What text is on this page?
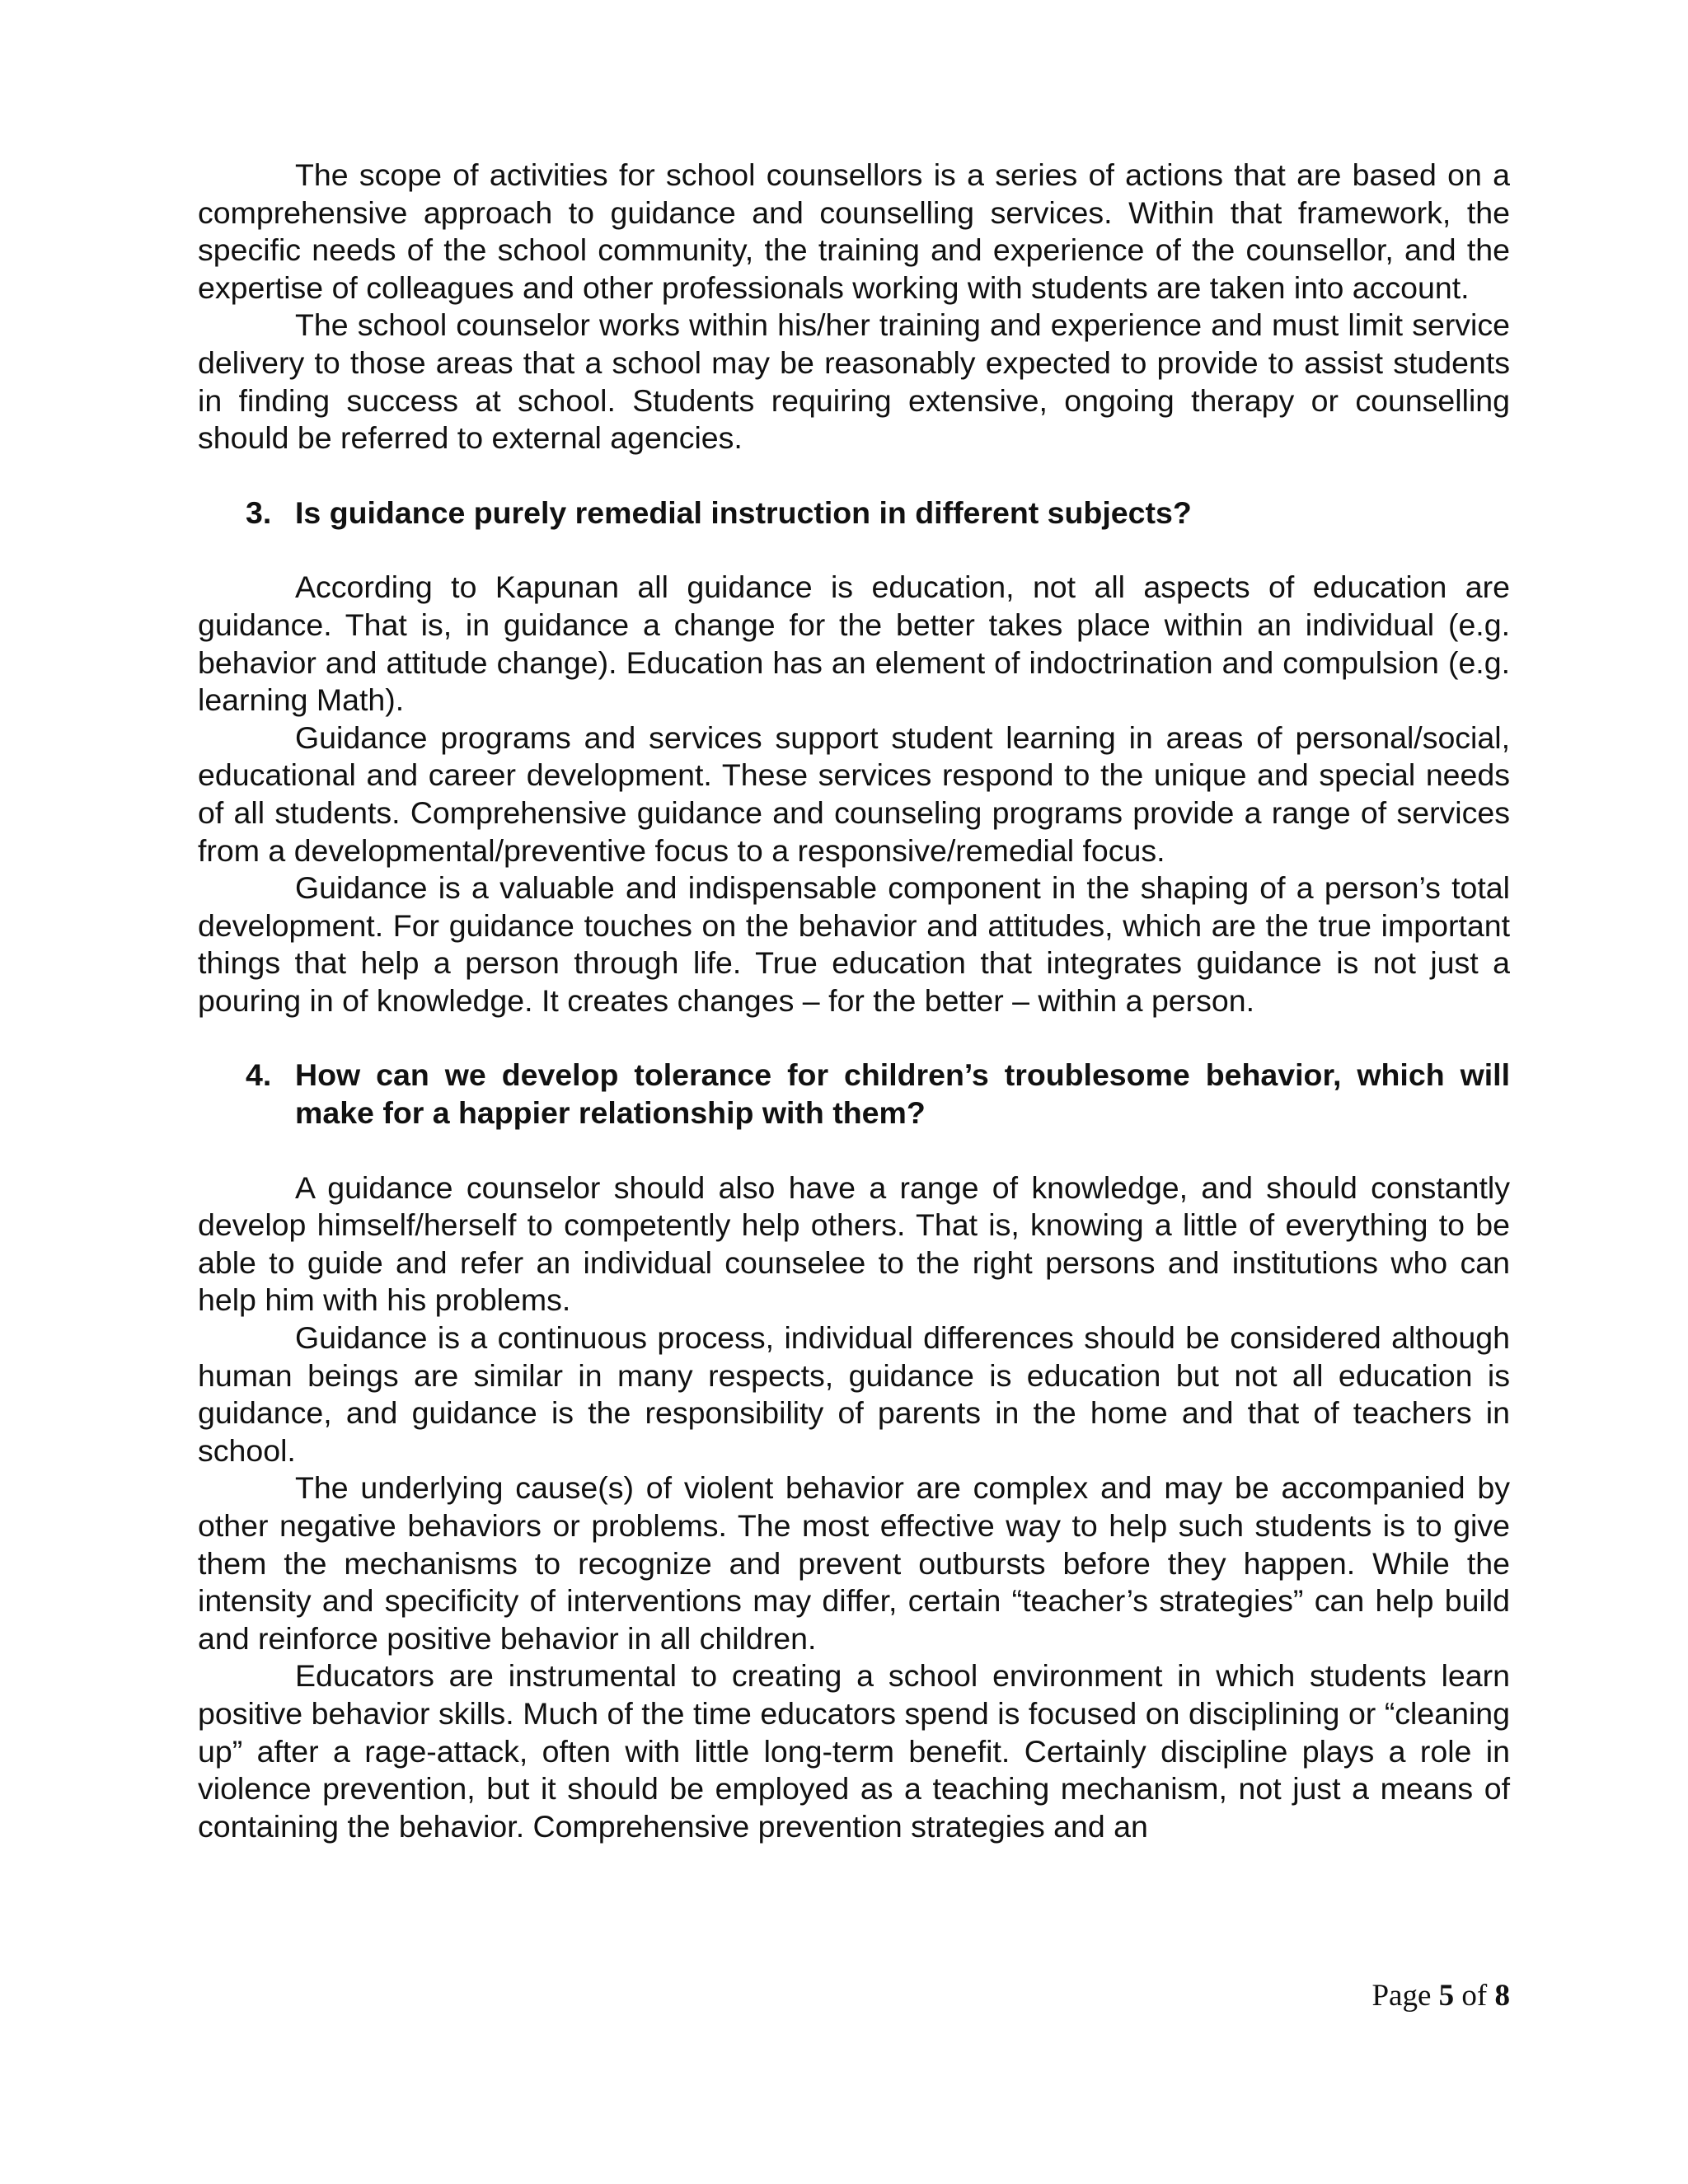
The scope of activities for school counsellors is a series of actions that are based on a comprehensive approach to guidance and counselling services. Within that framework, the specific needs of the school community, the training and experience of the counsellor, and the expertise of colleagues and other professionals working with students are taken into account.

The school counselor works within his/her training and experience and must limit service delivery to those areas that a school may be reasonably expected to provide to assist students in finding success at school. Students requiring extensive, ongoing therapy or counselling should be referred to external agencies.

3. Is guidance purely remedial instruction in different subjects?

According to Kapunan all guidance is education, not all aspects of education are guidance. That is, in guidance a change for the better takes place within an individual (e.g. behavior and attitude change). Education has an element of indoctrination and compulsion (e.g. learning Math).

Guidance programs and services support student learning in areas of personal/social, educational and career development. These services respond to the unique and special needs of all students. Comprehensive guidance and counseling programs provide a range of services from a developmental/preventive focus to a responsive/remedial focus.

Guidance is a valuable and indispensable component in the shaping of a person’s total development. For guidance touches on the behavior and attitudes, which are the true important things that help a person through life. True education that integrates guidance is not just a pouring in of knowledge. It creates changes – for the better – within a person.

4. How can we develop tolerance for children’s troublesome behavior, which will make for a happier relationship with them?

A guidance counselor should also have a range of knowledge, and should constantly develop himself/herself to competently help others. That is, knowing a little of everything to be able to guide and refer an individual counselee to the right persons and institutions who can help him with his problems.

Guidance is a continuous process, individual differences should be considered although human beings are similar in many respects, guidance is education but not all education is guidance, and guidance is the responsibility of parents in the home and that of teachers in school.

The underlying cause(s) of violent behavior are complex and may be accompanied by other negative behaviors or problems. The most effective way to help such students is to give them the mechanisms to recognize and prevent outbursts before they happen. While the intensity and specificity of interventions may differ, certain “teacher’s strategies” can help build and reinforce positive behavior in all children.

Educators are instrumental to creating a school environment in which students learn positive behavior skills. Much of the time educators spend is focused on disciplining or “cleaning up” after a rage-attack, often with little long-term benefit. Certainly discipline plays a role in violence prevention, but it should be employed as a teaching mechanism, not just a means of containing the behavior. Comprehensive prevention strategies and an

Page 5 of 8
